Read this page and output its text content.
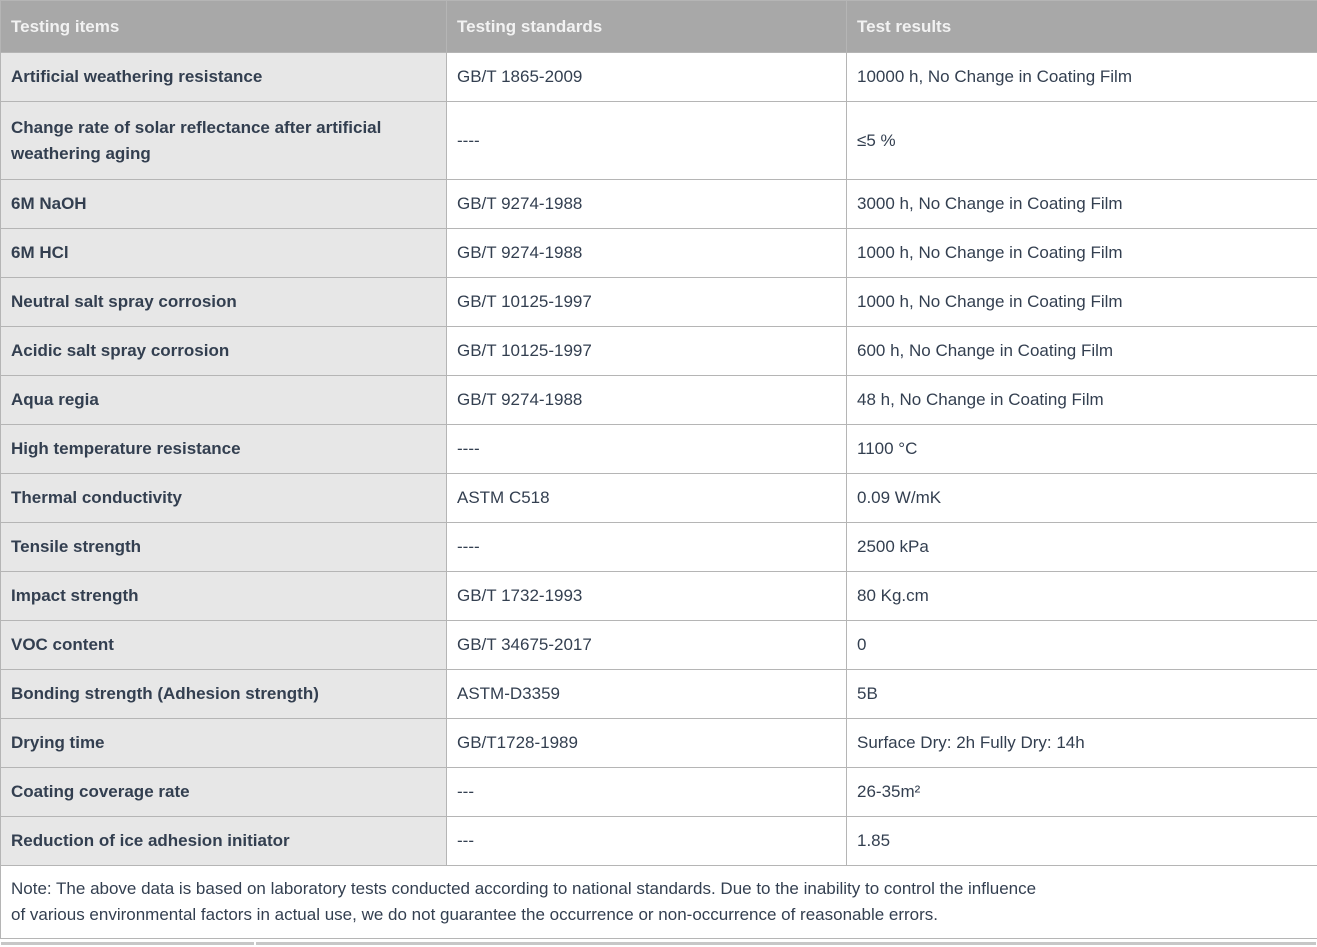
Testing items	Testing standards	Test results
Artificial weathering resistance	GB/T 1865-2009	10000 h, No Change in Coating Film
Change rate of solar reflectance after artificial weathering aging	----	≤5 %
6M NaOH	GB/T 9274-1988	3000 h, No Change in Coating Film
6M HCl	GB/T 9274-1988	1000 h, No Change in Coating Film
Neutral salt spray corrosion	GB/T 10125-1997	1000 h, No Change in Coating Film
Acidic salt spray corrosion	GB/T 10125-1997	600 h, No Change in Coating Film
Aqua regia	GB/T 9274-1988	48 h, No Change in Coating Film
High temperature resistance	----	1100 °C
Thermal conductivity	ASTM C518	0.09 W/mK
Tensile strength	----	2500 kPa
Impact strength	GB/T 1732-1993	80 Kg.cm
VOC content	GB/T 34675-2017	0
Bonding strength (Adhesion strength)	ASTM-D3359	5B
Drying time	GB/T1728-1989	Surface Dry: 2h Fully Dry: 14h
Coating coverage rate	---	26-35m²
Reduction of ice adhesion initiator	---	1.85

Note: The above data is based on laboratory tests conducted according to national standards. Due to the inability to control the influence
of various environmental factors in actual use, we do not guarantee the occurrence or non-occurrence of reasonable errors.		
